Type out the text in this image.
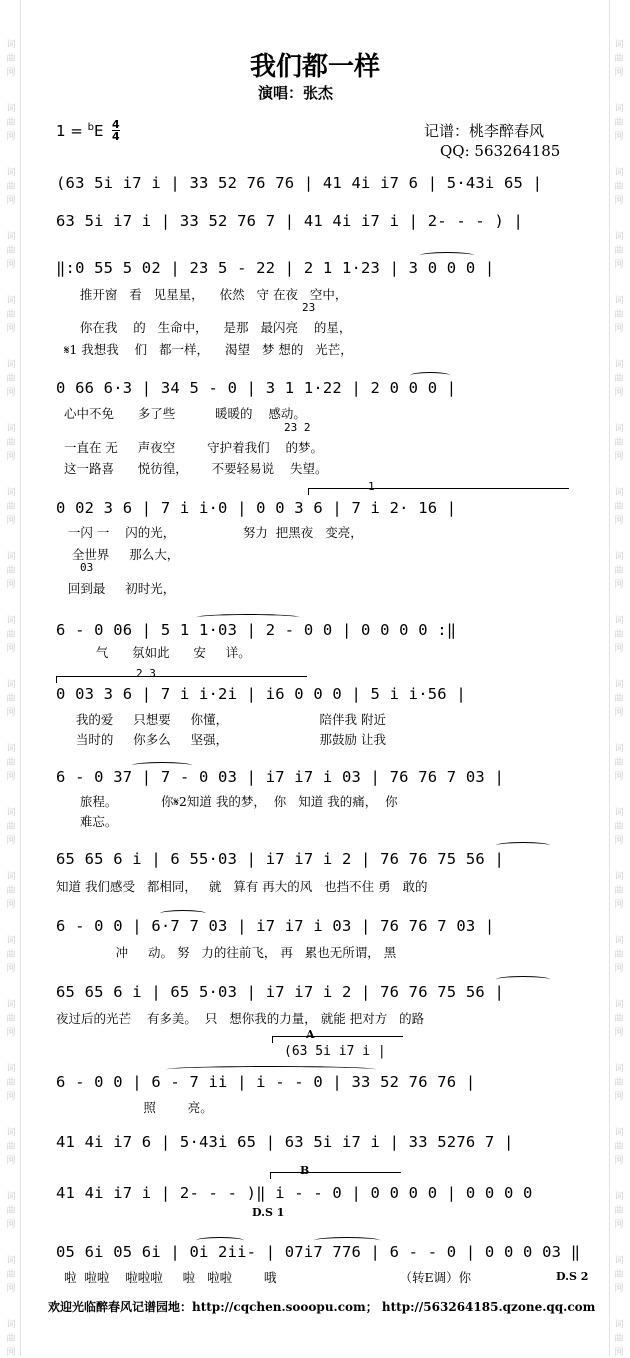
词
曲
网
词
曲
网
词
曲
网
词
曲
网
词
曲
网
词
曲
网
词
曲
网
词
曲
网
词
曲
网
词
曲
网
词
曲
网
词
曲
网
词
曲
网
词
曲
网
词
曲
网
词
曲
网
词
曲
网
词
曲
网
词
曲
网
词
曲
网
词
曲
网
词
曲
网
词
曲
网
词
曲
网
词
曲
网
词
曲
网
词
曲
网
词
曲
网
词
曲
网
词
曲
网
词
曲
网
词
曲
网
词
曲
网
词
曲
网
词
曲
网
词
曲
网
词
曲
网
词
曲
网
词
曲
网
词
曲
网
词
曲
网
词
曲
网
我们都一样
演唱：张杰
1 = $^b$E 4
4	记谱：桃李醉春风
QQ: 563264185
(63 5i i7 i | 33 52 76 76 | 41 4i i7 6 | 5·43i 65 |
63 5i i7 i | 33 52 76 7 | 41 4i i7 i | 2- - - ) |
‖:0 55 5 02 | 23 5 - 22 | 2 1 1·23 | 3 0 0 0 |
推开窗   看   见星星，    依然   守 在夜   空中，
23
你在我    的   生命中，    是那   最闪亮    的星，
𝄋1 我想我    们   都一样，    渴望   梦 想的   光芒，
0 66 6·3 | 34 5 - 0 | 3 1 1·22 | 2 0 0 0 |
心中不免      多了些          暖暖的    感动。
23 2
一直在 无     声夜空        守护着我们    的梦。
这一路喜      悦彷徨，      不要轻易说    失望。
1
0 02 3 6 | 7 i i·0 | 0 0 3 6 | 7 i 2· 16 |
一闪 一    闪的光，                 努力  把黑夜   变亮，
全世界     那么大，
03
回到最     初时光，
6 - 0 06 | 5 1 1·03 | 2 - 0 0 | 0 0 0 0 :‖
气      氛如此      安     详。
2 3
0 03 3 6 | 7 i i·2i | i6 0 0 0 | 5 i i·56 |
我的爱     只想要     你懂，                       陪伴我 附近
当时的     你多么     坚强，                       那鼓励 让我
6 - 0 37 | 7 - 0 03 | i7 i7 i 03 | 76 76 7 03 |
旅程。           你𝄋2知道 我的梦，  你   知道 我的痛，  你
难忘。
65 65 6 i | 6 55·03 | i7 i7 i 2 | 76 76 75 56 |
知道 我们感受   都相同，   就   算有 再大的风   也挡不住 勇   敢的
6 - 0 0 | 6·7 7 03 | i7 i7 i 03 | 76 76 7 03 |
冲     动。 努   力的往前飞， 再   累也无所谓， 黑
65 65 6 i | 65 5·03 | i7 i7 i 2 | 76 76 75 56 |
夜过后的光芒    有多美。  只   想你我的力量， 就能 把对方   的路
A
(63 5i i7 i |
6 - 0 0 | 6 - 7 ii | i - - 0 | 33 52 76 76 |
照        亮。
41 4i i7 6 | 5·43i 65 | 63 5i i7 i | 33 5276 7 |
B
41 4i i7 i | 2- - - )‖ i - - 0 | 0 0 0 0 | 0 0 0 0
D.S 1
05 6i 05 6i | 0i 2ii- | 07i7 776 | 6 - - 0 | 0 0 0 03 ‖
啦  啦啦    啦啦啦     啦   啦啦        哦                               （转E调）你	D.S 2
欢迎光临醉春风记谱园地：http://cqchen.sooopu.com； http://563264185.qzone.qq.com
